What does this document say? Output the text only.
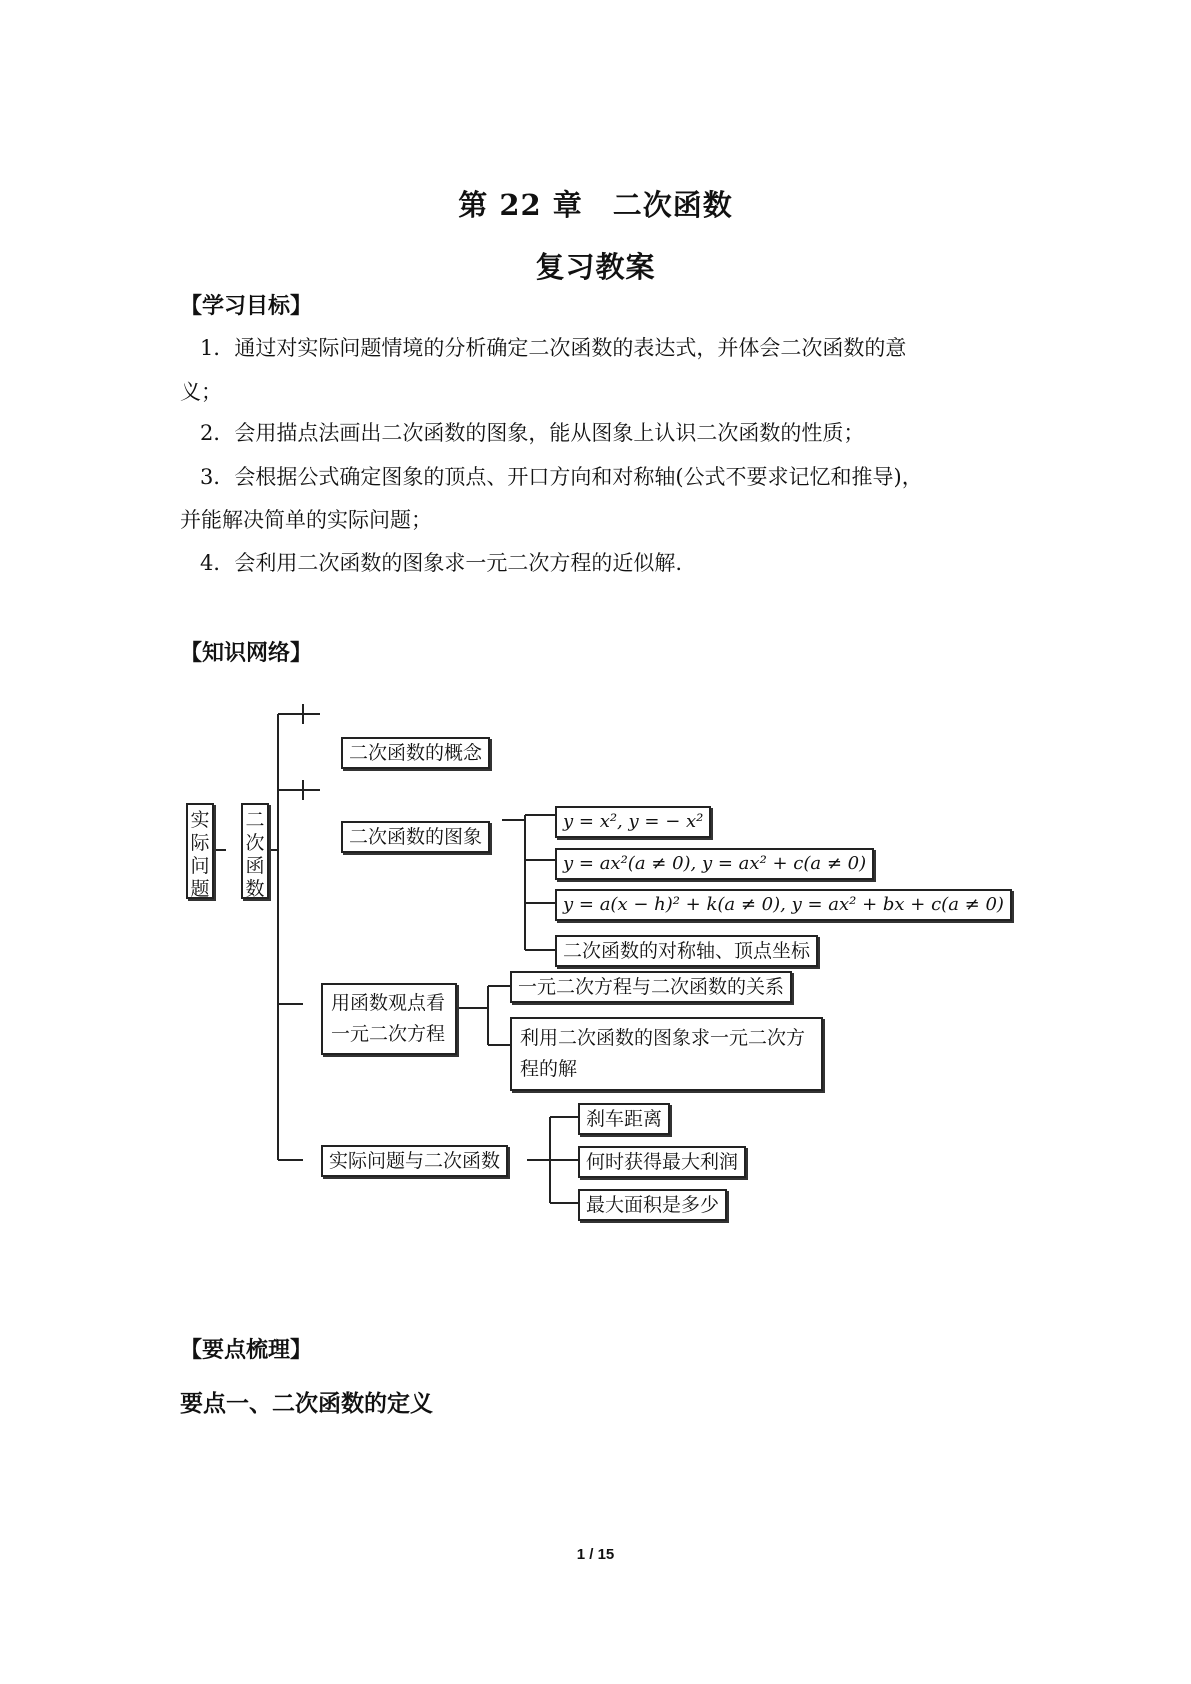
第 22 章　二次函数
复习教案
【学习目标】
1．通过对实际问题情境的分析确定二次函数的表达式，并体会二次函数的意
义；
2．会用描点法画出二次函数的图象，能从图象上认识二次函数的性质；
3．会根据公式确定图象的顶点、开口方向和对称轴(公式不要求记忆和推导)，
并能解决简单的实际问题；
4．会利用二次函数的图象求一元二次方程的近似解.
【知识网络】
实
际
问
题
二
次
函
数
二次函数的概念
二次函数的图象
y = x², y = − x²
y = ax²(a ≠ 0), y = ax² + c(a ≠ 0)
y = a(x − h)² + k(a ≠ 0), y = ax² + bx + c(a ≠ 0)
二次函数的对称轴、顶点坐标
用函数观点看
一元二次方程
一元二次方程与二次函数的关系
利用二次函数的图象求一元二次方程的解
实际问题与二次函数
刹车距离
何时获得最大利润
最大面积是多少
【要点梳理】
要点一、二次函数的定义
1 / 15
